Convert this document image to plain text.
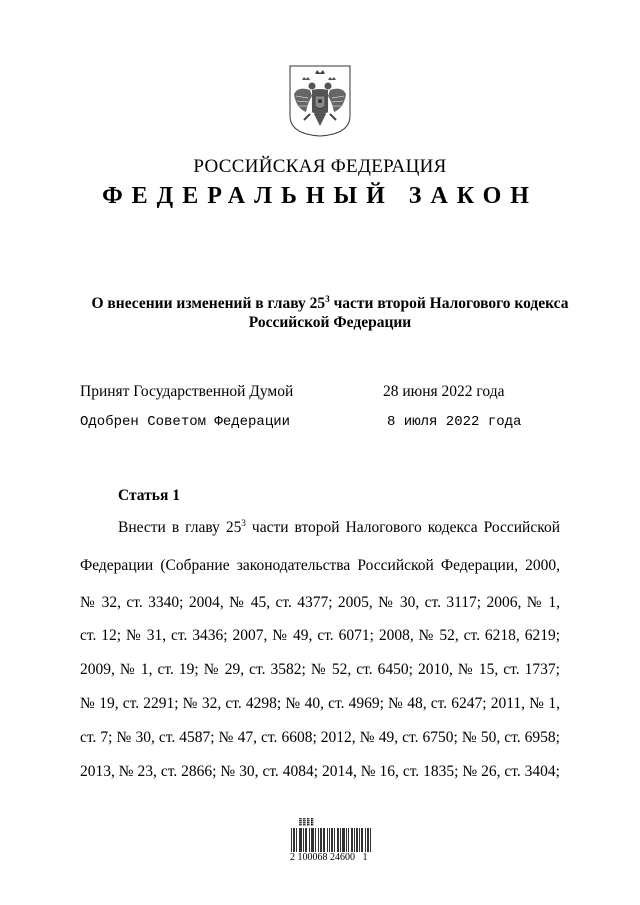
РОССИЙСКАЯ ФЕДЕРАЦИЯ
ФЕДЕРАЛЬНЫЙ ЗАКОН
О внесении изменений в главу $25^3$ части второй Налогового кодекса
Российской Федерации
Принят Государственной Думой	28 июня 2022 года
Одобрен Советом Федерации	8 июля 2022 года
Статья 1
Внести в главу $25^3$ части второй Налогового кодекса Российской
Федерации (Собрание законодательства Российской Федерации, 2000,
№ 32, ст. 3340; 2004, № 45, ст. 4377; 2005, № 30, ст. 3117; 2006, № 1,
ст. 12; № 31, ст. 3436; 2007, № 49, ст. 6071; 2008, № 52, ст. 6218, 6219;
2009, № 1, ст. 19; № 29, ст. 3582; № 52, ст. 6450; 2010, № 15, ст. 1737;
№ 19, ст. 2291; № 32, ст. 4298; № 40, ст. 4969; № 48, ст. 6247; 2011, № 1,
ст. 7; № 30, ст. 4587; № 47, ст. 6608; 2012, № 49, ст. 6750; № 50, ст. 6958;
2013, № 23, ст. 2866; № 30, ст. 4084; 2014, № 16, ст. 1835; № 26, ст. 3404;
2 100068 24600   1
